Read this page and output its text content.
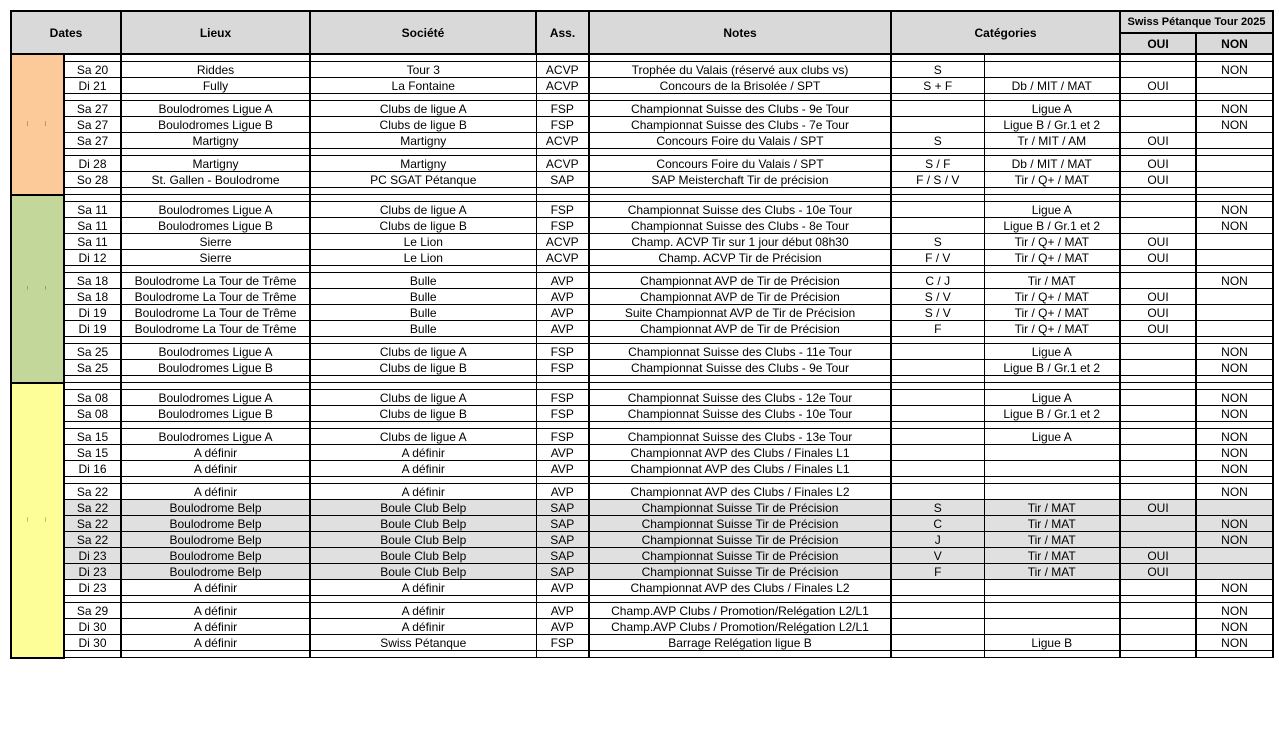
Dates		Lieux	Société	Ass.	Notes	Catégories		Swiss Pétanque Tour 2025	
								OUI	NON
Septembre September									
	Sa 20	Riddes	Tour 3	ACVP	Trophée du Valais (réservé aux clubs vs)	S			NON
	Di 21	Fully	La Fontaine	ACVP	Concours de la Brisolée / SPT	S + F	Db / MIT / MAT	OUI	

	Sa 27	Boulodromes Ligue A	Clubs de ligue A	FSP	Championnat Suisse des Clubs - 9e Tour		Ligue A		NON
	Sa 27	Boulodromes Ligue B	Clubs de ligue B	FSP	Championnat Suisse des Clubs - 7e Tour		Ligue B / Gr.1 et 2		NON
	Sa 27	Martigny	Martigny	ACVP	Concours Foire du Valais / SPT	S	Tr / MIT / AM	OUI	

	Di 28	Martigny	Martigny	ACVP	Concours Foire du Valais / SPT	S / F	Db / MIT / MAT	OUI	
	So 28	St. Gallen - Boulodrome	PC SGAT Pétanque	SAP	SAP Meisterchaft Tir de précision	F / S / V	Tir / Q+ / MAT	OUI	

Octobre Oktober									
	Sa 11	Boulodromes Ligue A	Clubs de ligue A	FSP	Championnat Suisse des Clubs - 10e Tour		Ligue A		NON
	Sa 11	Boulodromes Ligue B	Clubs de ligue B	FSP	Championnat Suisse des Clubs - 8e Tour		Ligue B / Gr.1 et 2		NON
	Sa 11	Sierre	Le Lion	ACVP	Champ. ACVP Tir sur 1 jour début 08h30	S	Tir / Q+ / MAT	OUI	
	Di 12	Sierre	Le Lion	ACVP	Champ. ACVP Tir de Précision	F / V	Tir / Q+ / MAT	OUI	

	Sa 18	Boulodrome La Tour de Trême	Bulle	AVP	Championnat AVP de Tir de Précision	C / J	Tir / MAT		NON
	Sa 18	Boulodrome La Tour de Trême	Bulle	AVP	Championnat AVP de Tir de Précision	S / V	Tir / Q+ / MAT	OUI	
	Di 19	Boulodrome La Tour de Trême	Bulle	AVP	Suite Championnat AVP de Tir de Précision	S / V	Tir / Q+ / MAT	OUI	
	Di 19	Boulodrome La Tour de Trême	Bulle	AVP	Championnat AVP de Tir de Précision	F	Tir / Q+ / MAT	OUI	

	Sa 25	Boulodromes Ligue A	Clubs de ligue A	FSP	Championnat Suisse des Clubs - 11e Tour		Ligue A		NON
	Sa 25	Boulodromes Ligue B	Clubs de ligue B	FSP	Championnat Suisse des Clubs - 9e Tour		Ligue B / Gr.1 et 2		NON

Novembre November									
	Sa 08	Boulodromes Ligue A	Clubs de ligue A	FSP	Championnat Suisse des Clubs - 12e Tour		Ligue A		NON
	Sa 08	Boulodromes Ligue B	Clubs de ligue B	FSP	Championnat Suisse des Clubs - 10e Tour		Ligue B / Gr.1 et 2		NON

	Sa 15	Boulodromes Ligue A	Clubs de ligue A	FSP	Championnat Suisse des Clubs - 13e Tour		Ligue A		NON
	Sa 15	A définir	A définir	AVP	Championnat AVP des Clubs / Finales L1				NON
	Di 16	A définir	A définir	AVP	Championnat AVP des Clubs / Finales L1				NON

	Sa 22	A définir	A définir	AVP	Championnat AVP des Clubs / Finales L2				NON
	Sa 22	Boulodrome Belp	Boule Club Belp	SAP	Championnat Suisse Tir de Précision	S	Tir / MAT	OUI	
	Sa 22	Boulodrome Belp	Boule Club Belp	SAP	Championnat Suisse Tir de Précision	C	Tir / MAT		NON
	Sa 22	Boulodrome Belp	Boule Club Belp	SAP	Championnat Suisse Tir de Précision	J	Tir / MAT		NON
	Di 23	Boulodrome Belp	Boule Club Belp	SAP	Championnat Suisse Tir de Précision	V	Tir / MAT	OUI	
	Di 23	Boulodrome Belp	Boule Club Belp	SAP	Championnat Suisse Tir de Précision	F	Tir / MAT	OUI	
	Di 23	A définir	A définir	AVP	Championnat AVP des Clubs / Finales L2				NON

	Sa 29	A définir	A définir	AVP	Champ.AVP Clubs / Promotion/Relégation L2/L1				NON
	Di 30	A définir	A définir	AVP	Champ.AVP Clubs / Promotion/Relégation L2/L1				NON
	Di 30	A définir	Swiss Pétanque	FSP	Barrage Relégation ligue B		Ligue B		NON
